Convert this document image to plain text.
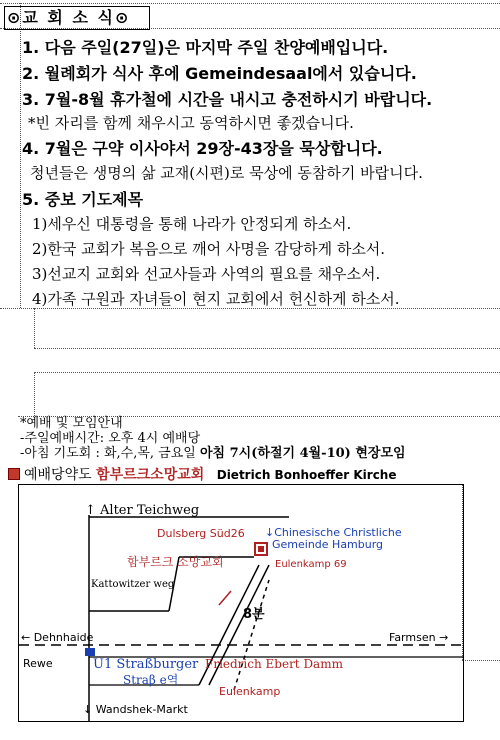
⊙교 회 소 식⊙
1. 다음 주일(27일)은 마지막 주일 찬양예배입니다.
2. 월례회가 식사 후에 Gemeindesaal에서 있습니다.
3. 7월-8월 휴가철에 시간을 내시고 충전하시기 바랍니다.
*빈 자리를 함께 채우시고 동역하시면 좋겠습니다.
4. 7월은 구약 이사야서 29장-43장을 묵상합니다.
청년들은 생명의 삶 교재(시편)로 묵상에 동참하기 바랍니다.
5. 중보 기도제목
1)세우신 대통령을 통해 나라가 안정되게 하소서.
2)한국 교회가 복음으로 깨어 사명을 감당하게 하소서.
3)선교지 교회와 선교사들과 사역의 필요를 채우소서.
4)가족 구원과 자녀들이 현지 교회에서 헌신하게 하소서.
*예배 및 모임안내
-주일예배시간: 오후 4시 예배당
-아침 기도회 : 화,수,목, 금요일 아침 7시(하절기 4월-10) 현장모임
예배당약도 함부르크소망교회 Dietrich Bonhoeffer Kirche
↑ Alter Teichweg
Dulsberg Süd26 ↓Chinesische Christliche
Gemeinde Hamburg
함부르크 소망교회
Kattowitzer weg
Eulenkamp 69
8분
← Dehnhaide	Farmsen →
Rewe	U1 Straßburger
Straβ e역
Friedrich Ebert Damm
Eulenkamp
↓ Wandshek-Markt
